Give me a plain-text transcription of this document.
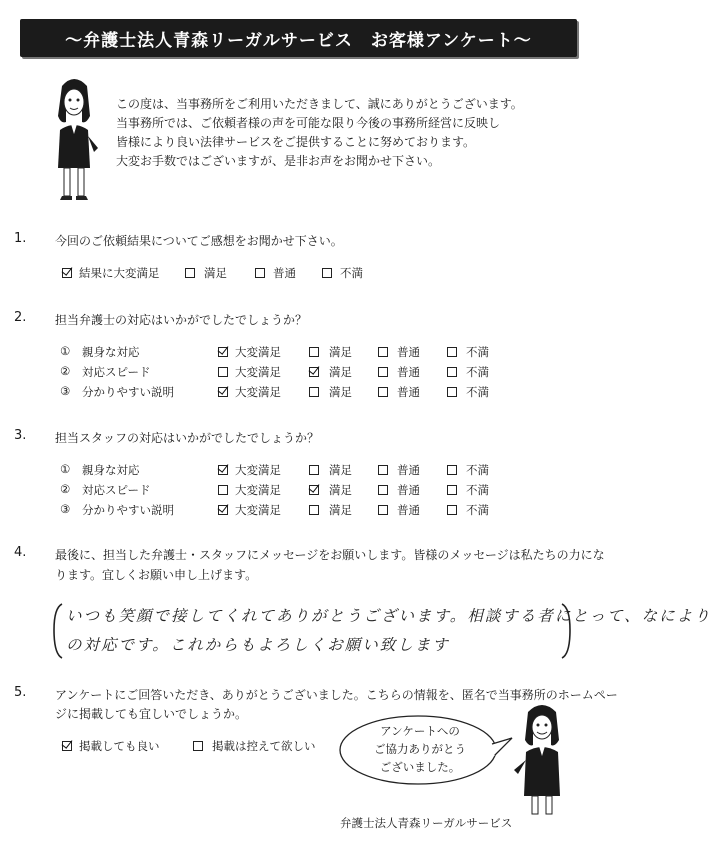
～弁護士法人青森リーガルサービス　お客様アンケート～
この度は、当事務所をご利用いただきまして、誠にありがとうございます。
当事務所では、ご依頼者様の声を可能な限り今後の事務所経営に反映し
皆様により良い法律サービスをご提供することに努めております。
大変お手数ではございますが、是非お声をお聞かせ下さい。
1. 今回のご依頼結果についてご感想をお聞かせ下さい。
結果に大変満足	満足	普通	不満
2. 担当弁護士の対応はいかがでしたでしょうか？
① 親身な対応	大変満足	満足	普通	不満
② 対応スピード	大変満足	満足	普通	不満
③ 分かりやすい説明	大変満足	満足	普通	不満
3. 担当スタッフの対応はいかがでしたでしょうか？
① 親身な対応	大変満足	満足	普通	不満
② 対応スピード	大変満足	満足	普通	不満
③ 分かりやすい説明	大変満足	満足	普通	不満
4. 最後に、担当した弁護士・スタッフにメッセージをお願いします。皆様のメッセージは私たちの力にな
ります。宜しくお願い申し上げます。
いつも笑顔で接してくれてありがとうございます。相談する者にとって、なにより
の対応です。これからもよろしくお願い致します
5. アンケートにご回答いただき、ありがとうございました。こちらの情報を、匿名で当事務所のホームペー
ジに掲載しても宜しいでしょうか。
掲載しても良い	掲載は控えて欲しい
アンケートへの
ご協力ありがとう
ございました。
弁護士法人青森リーガルサービス
